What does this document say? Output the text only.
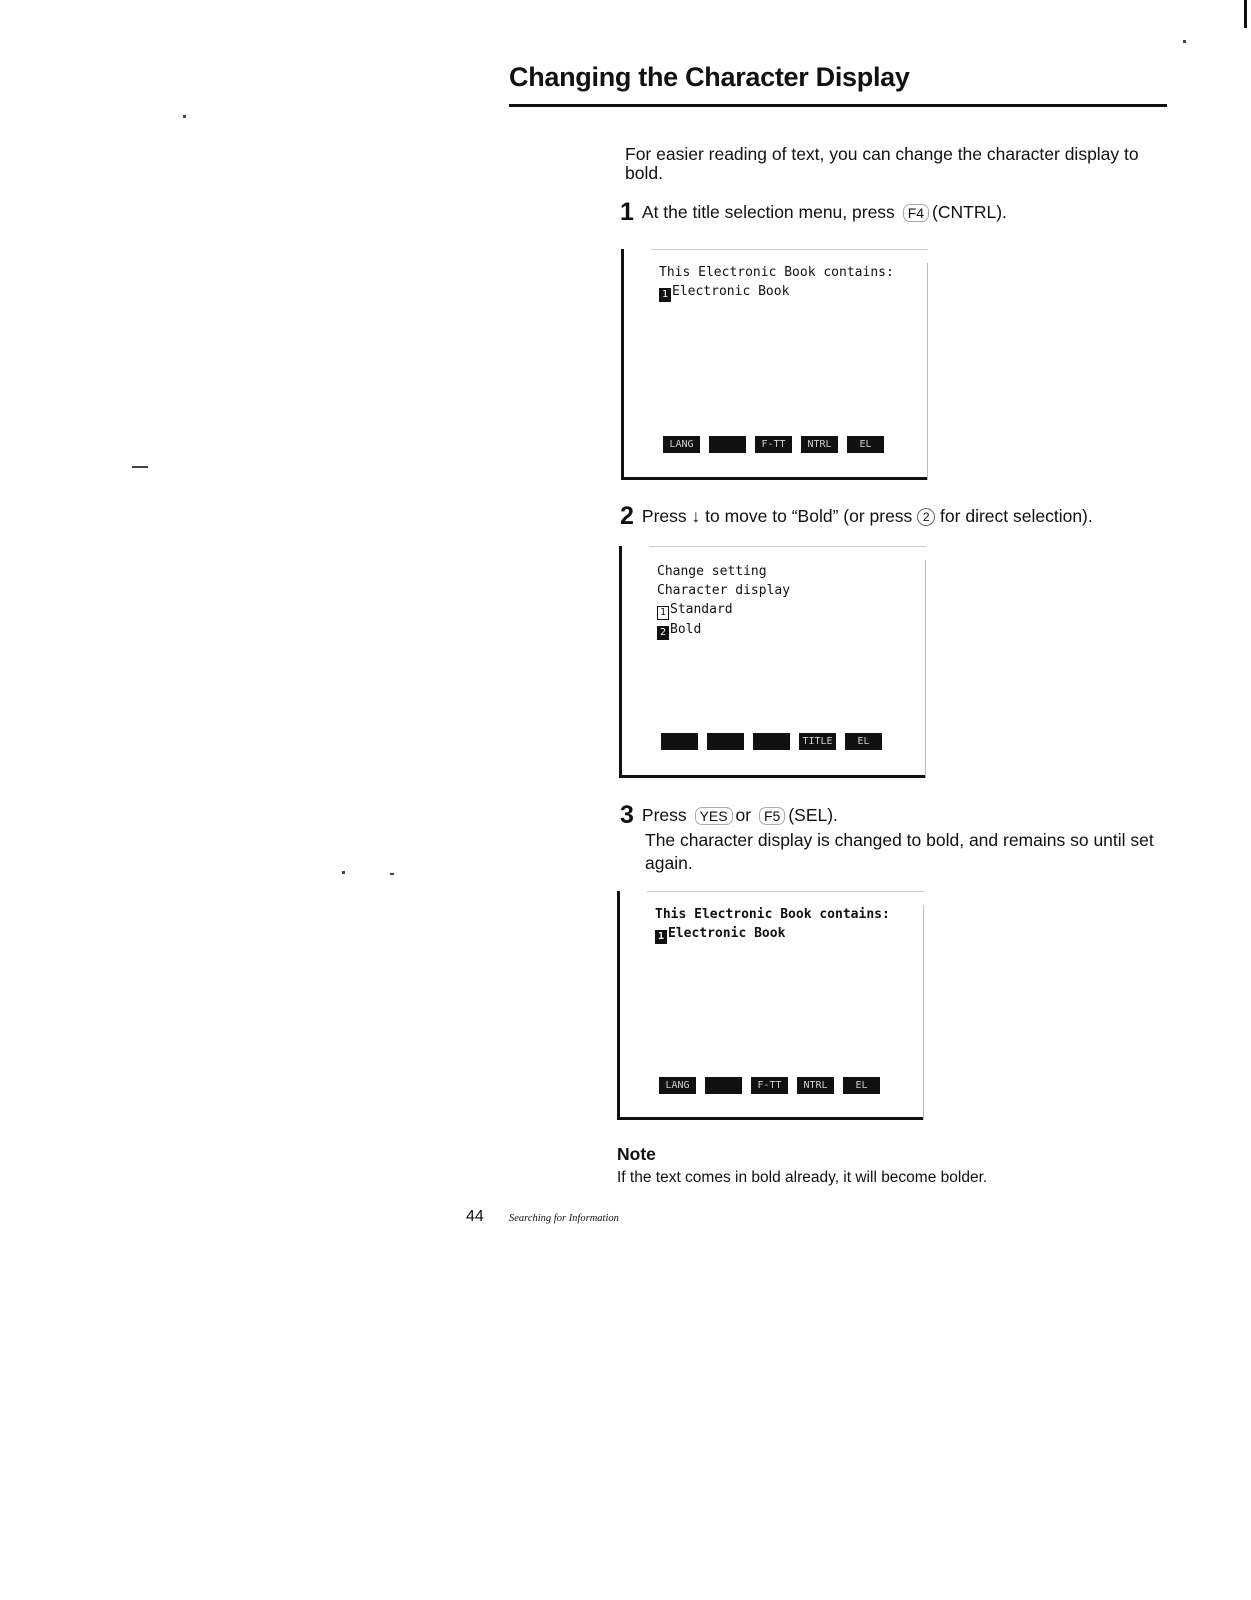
Changing the Character Display

For easier reading of text, you can change the character display to bold.

1 At the title selection menu, press F4 (CNTRL).
This Electronic Book contains:
1 Electronic Book
LANG	F-TT	NTRL	EL
2 Press ↓ to move to “Bold” (or press 2 for direct selection).
Change setting
Character display
1 Standard
2 Bold
TITLE	EL
3 Press YES or F5 (SEL).
The character display is changed to bold, and remains so until set again.
This Electronic Book contains:
1 Electronic Book
LANG	F-TT	NTRL	EL
Note

If the text comes in bold already, it will become bolder.

44 Searching for Information
